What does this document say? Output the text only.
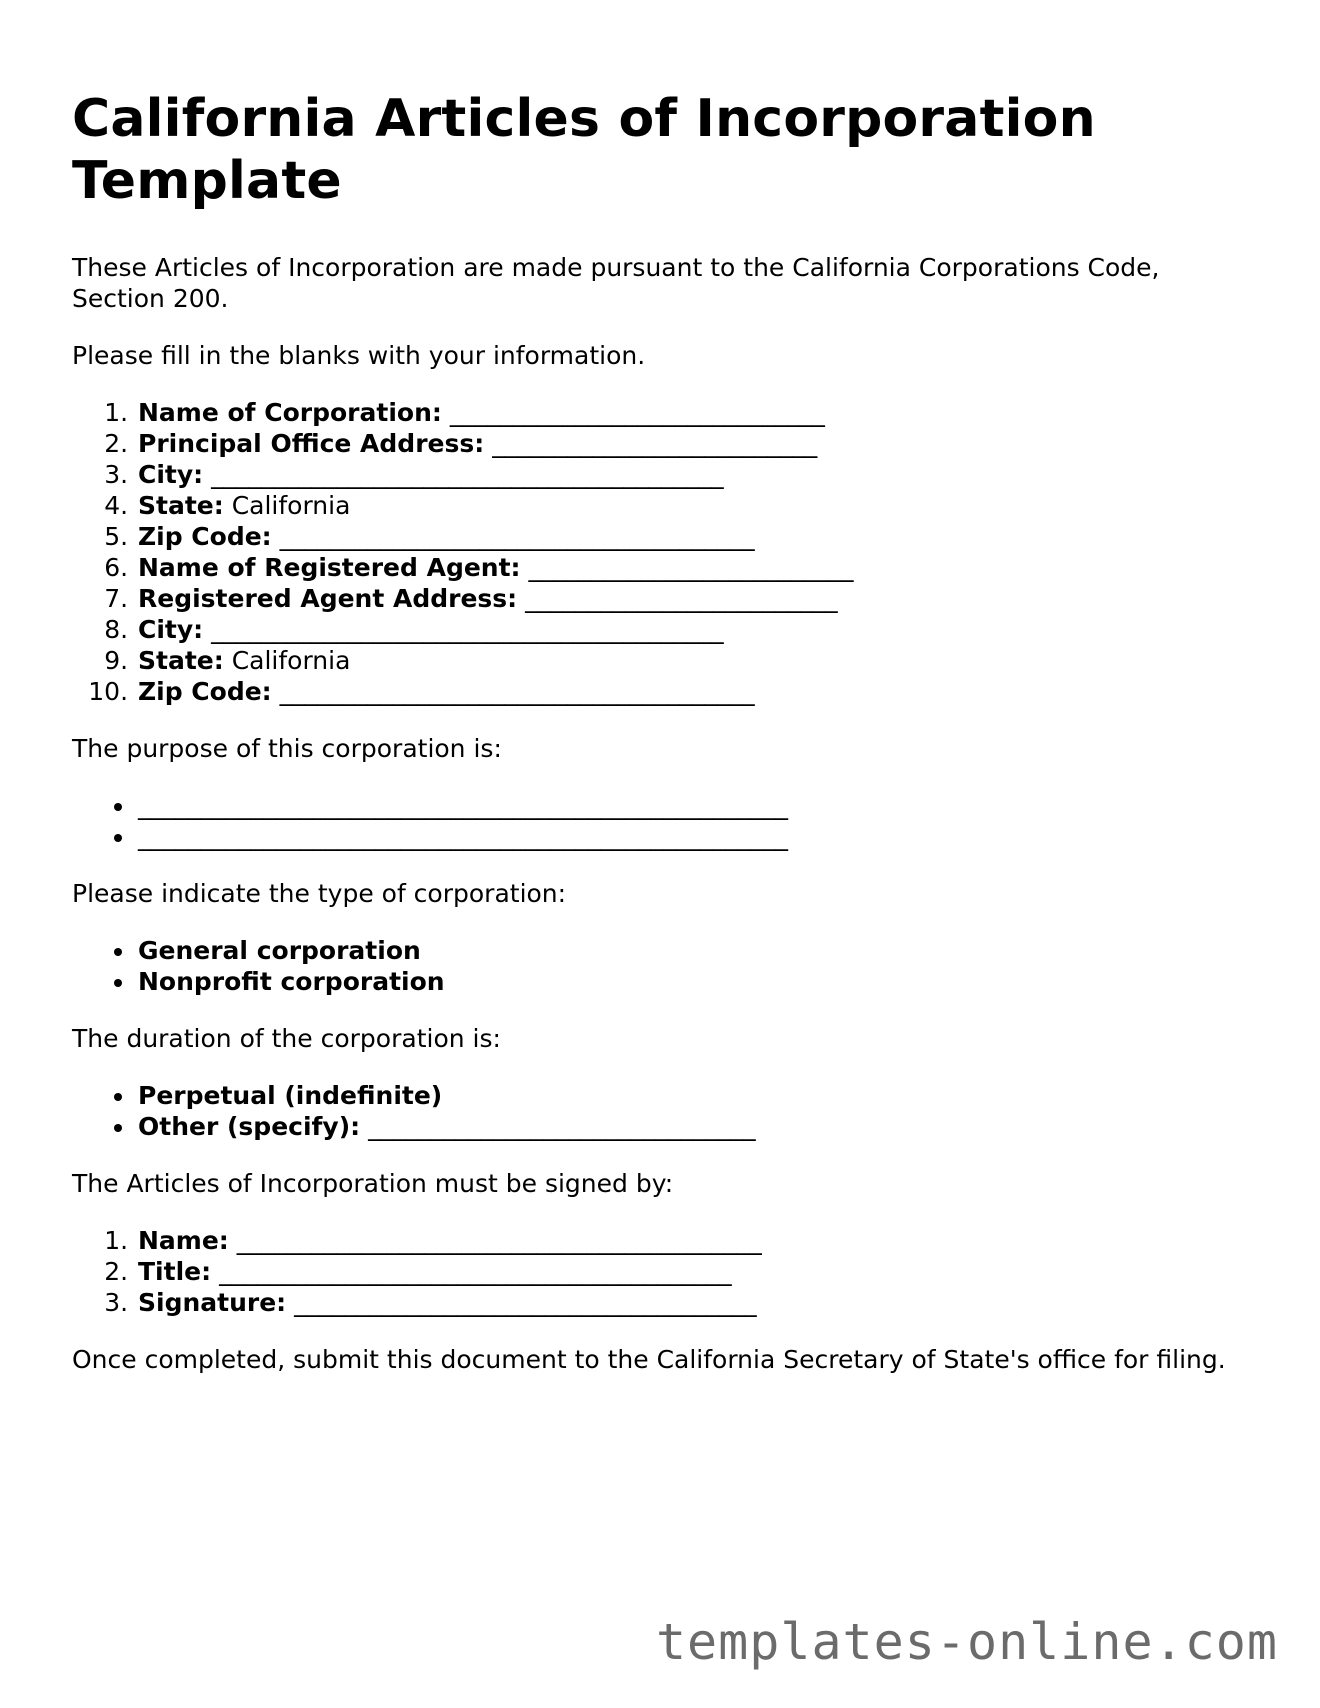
California Articles of Incorporation Template

These Articles of Incorporation are made pursuant to the California Corporations Code, Section 200.

Please fill in the blanks with your information.

1. Name of Corporation: ______________________________
2. Principal Office Address: __________________________
3. City: _________________________________________
4. State: California
5. Zip Code: ______________________________________
6. Name of Registered Agent: __________________________
7. Registered Agent Address: _________________________
8. City: _________________________________________
9. State: California
10. Zip Code: ______________________________________

The purpose of this corporation is:

• ____________________________________________________
• ____________________________________________________

Please indicate the type of corporation:

• General corporation
• Nonprofit corporation

The duration of the corporation is:

• Perpetual (indefinite)
• Other (specify): _______________________________

The Articles of Incorporation must be signed by:

1. Name: __________________________________________
2. Title: _________________________________________
3. Signature: _____________________________________

Once completed, submit this document to the California Secretary of State's office for filing.

templates-online.com
